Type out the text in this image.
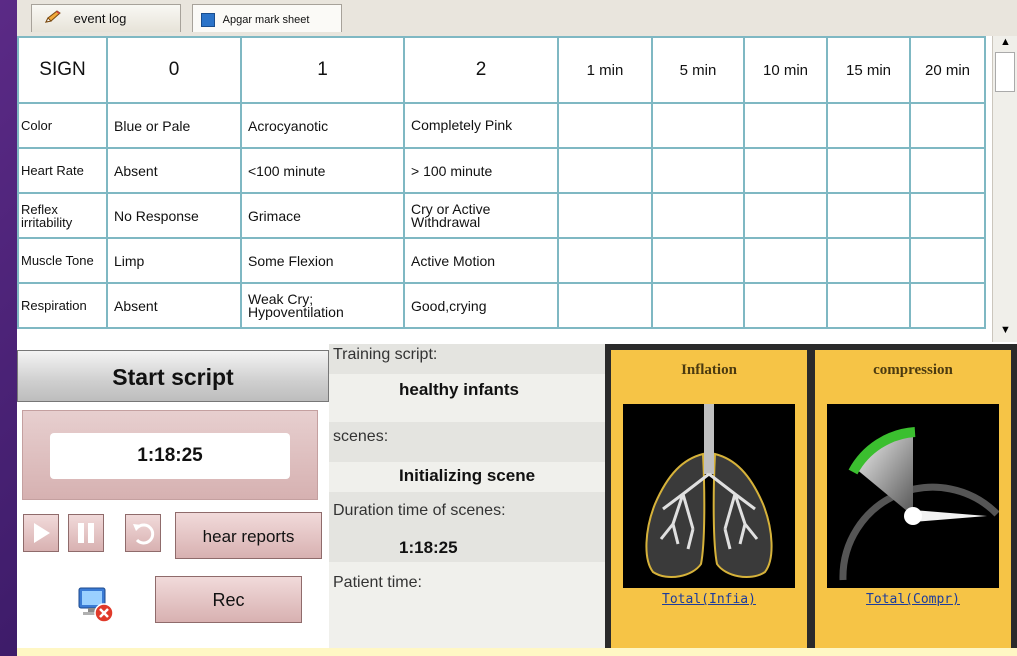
event log	Apgar mark sheet
SIGN	0	1	2	1 min	5 min	10 min	15 min	20 min
Color	Blue or Pale	Acrocyanotic	Completely Pink					
Heart Rate	Absent	<100 minute	> 100 minute					
Reflex irritability	No Response	Grimace	Cry or Active Withdrawal					
Muscle Tone	Limp	Some Flexion	Active Motion					
Respiration	Absent	Weak Cry; Hypoventilation	Good,crying					
▲
▼
Start script
1:18:25
hear reports
Rec
Training script:
healthy infants
scenes:
Initializing scene
Duration time of scenes:
1:18:25
Patient time:
Inflation
Total(Infia)
compression
Total(Compr)
